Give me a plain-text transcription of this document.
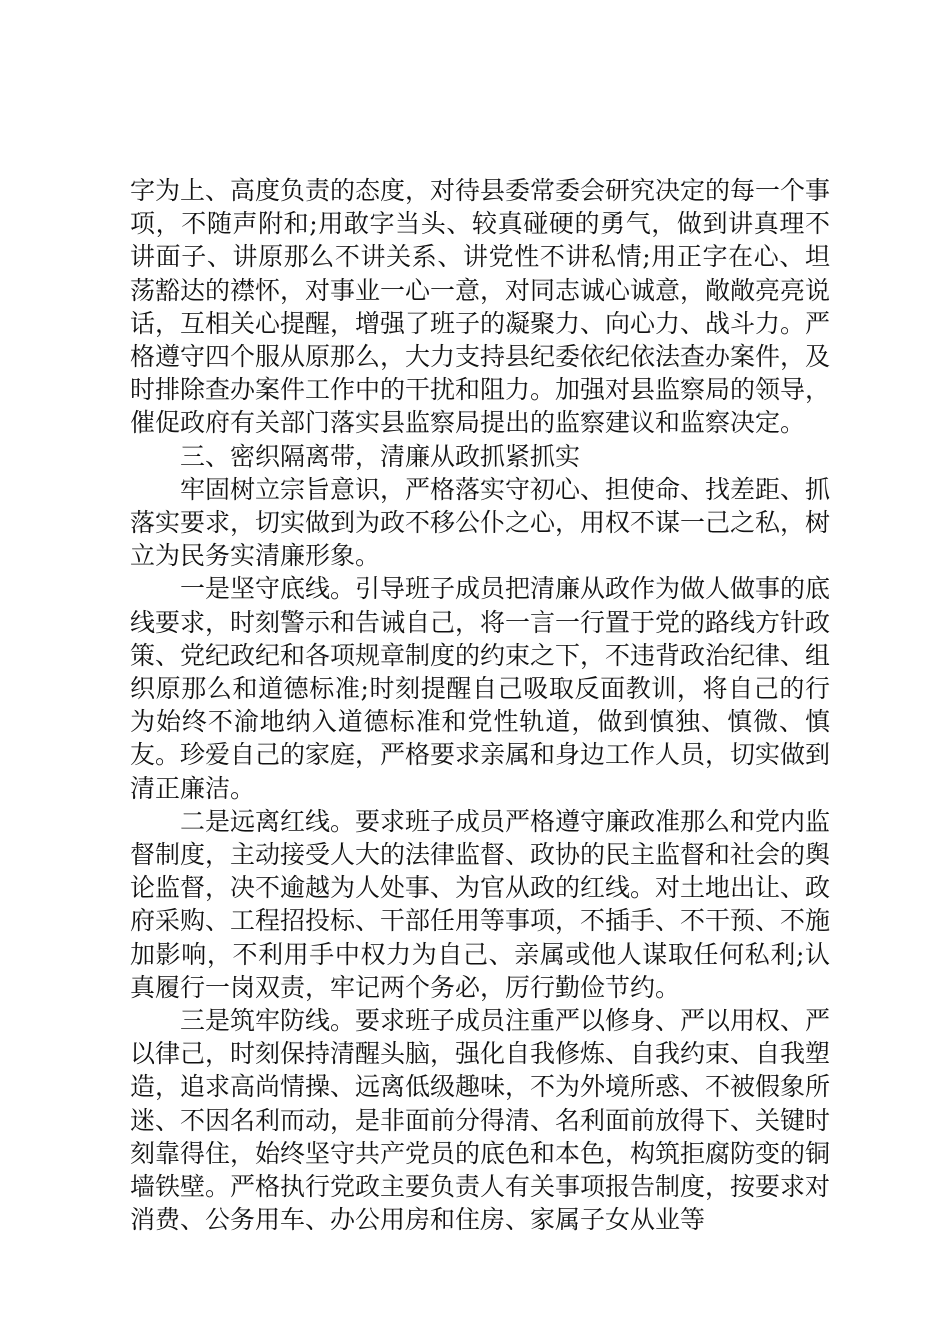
字为上、高度负责的态度，对待县委常委会研究决定的每一个事项，不随声附和;用敢字当头、较真碰硬的勇气，做到讲真理不讲面子、讲原那么不讲关系、讲党性不讲私情;用正字在心、坦荡豁达的襟怀，对事业一心一意，对同志诚心诚意，敞敞亮亮说话，互相关心提醒，增强了班子的凝聚力、向心力、战斗力。严格遵守四个服从原那么，大力支持县纪委依纪依法查办案件，及时排除查办案件工作中的干扰和阻力。加强对县监察局的领导，催促政府有关部门落实县监察局提出的监察建议和监察决定。

三、密织隔离带，清廉从政抓紧抓实

牢固树立宗旨意识，严格落实守初心、担使命、找差距、抓落实要求，切实做到为政不移公仆之心，用权不谋一己之私，树立为民务实清廉形象。

一是坚守底线。引导班子成员把清廉从政作为做人做事的底线要求，时刻警示和告诫自己，将一言一行置于党的路线方针政策、党纪政纪和各项规章制度的约束之下，不违背政治纪律、组织原那么和道德标准;时刻提醒自己吸取反面教训，将自己的行为始终不渝地纳入道德标准和党性轨道，做到慎独、慎微、慎友。珍爱自己的家庭，严格要求亲属和身边工作人员，切实做到清正廉洁。

二是远离红线。要求班子成员严格遵守廉政准那么和党内监督制度，主动接受人大的法律监督、政协的民主监督和社会的舆论监督，决不逾越为人处事、为官从政的红线。对土地出让、政府采购、工程招投标、干部任用等事项，不插手、不干预、不施加影响，不利用手中权力为自己、亲属或他人谋取任何私利;认真履行一岗双责，牢记两个务必，厉行勤俭节约。

三是筑牢防线。要求班子成员注重严以修身、严以用权、严以律己，时刻保持清醒头脑，强化自我修炼、自我约束、自我塑造，追求高尚情操、远离低级趣味，不为外境所惑、不被假象所迷、不因名利而动，是非面前分得清、名利面前放得下、关键时刻靠得住，始终坚守共产党员的底色和本色，构筑拒腐防变的铜墙铁壁。严格执行党政主要负责人有关事项报告制度，按要求对消费、公务用车、办公用房和住房、家属子女从业等
